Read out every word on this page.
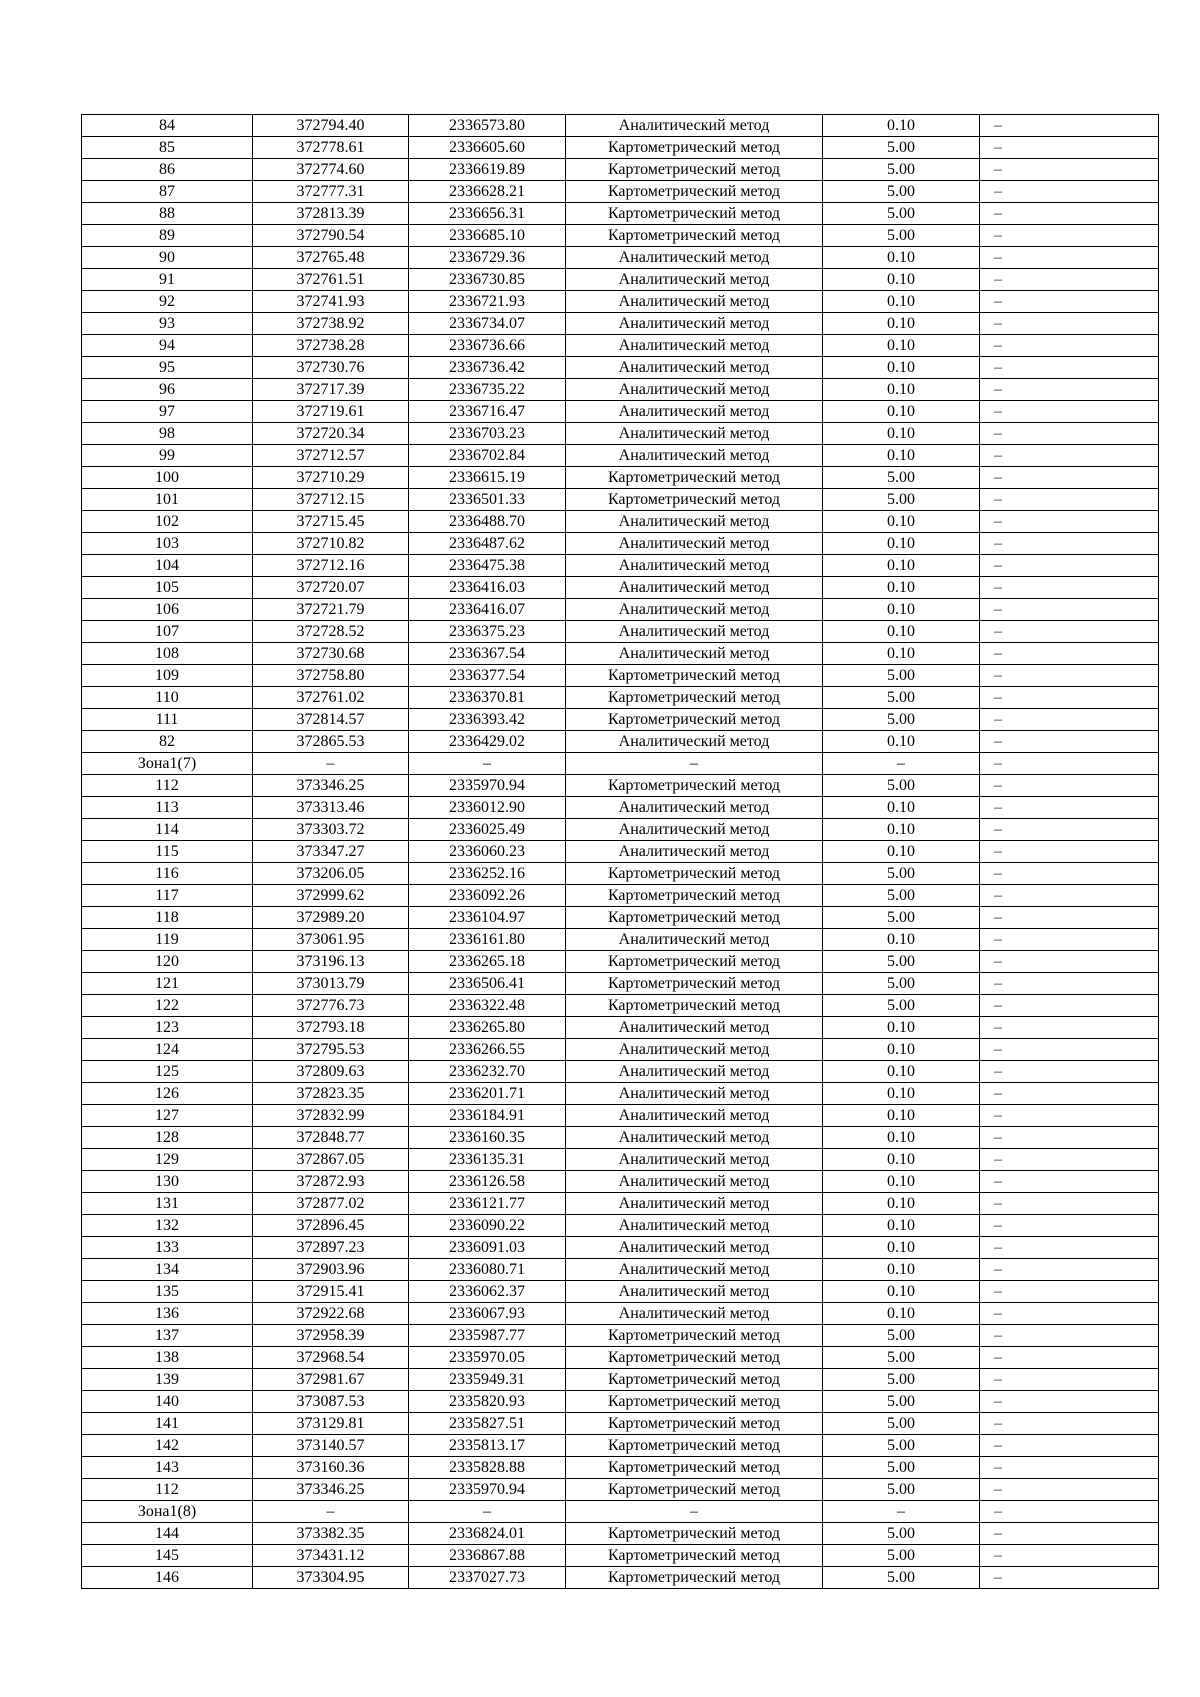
84	372794.40	2336573.80	Аналитический метод	0.10	–
85	372778.61	2336605.60	Картометрический метод	5.00	–
86	372774.60	2336619.89	Картометрический метод	5.00	–
87	372777.31	2336628.21	Картометрический метод	5.00	–
88	372813.39	2336656.31	Картометрический метод	5.00	–
89	372790.54	2336685.10	Картометрический метод	5.00	–
90	372765.48	2336729.36	Аналитический метод	0.10	–
91	372761.51	2336730.85	Аналитический метод	0.10	–
92	372741.93	2336721.93	Аналитический метод	0.10	–
93	372738.92	2336734.07	Аналитический метод	0.10	–
94	372738.28	2336736.66	Аналитический метод	0.10	–
95	372730.76	2336736.42	Аналитический метод	0.10	–
96	372717.39	2336735.22	Аналитический метод	0.10	–
97	372719.61	2336716.47	Аналитический метод	0.10	–
98	372720.34	2336703.23	Аналитический метод	0.10	–
99	372712.57	2336702.84	Аналитический метод	0.10	–
100	372710.29	2336615.19	Картометрический метод	5.00	–
101	372712.15	2336501.33	Картометрический метод	5.00	–
102	372715.45	2336488.70	Аналитический метод	0.10	–
103	372710.82	2336487.62	Аналитический метод	0.10	–
104	372712.16	2336475.38	Аналитический метод	0.10	–
105	372720.07	2336416.03	Аналитический метод	0.10	–
106	372721.79	2336416.07	Аналитический метод	0.10	–
107	372728.52	2336375.23	Аналитический метод	0.10	–
108	372730.68	2336367.54	Аналитический метод	0.10	–
109	372758.80	2336377.54	Картометрический метод	5.00	–
110	372761.02	2336370.81	Картометрический метод	5.00	–
111	372814.57	2336393.42	Картометрический метод	5.00	–
82	372865.53	2336429.02	Аналитический метод	0.10	–
Зона1(7)	–	–	–	–	–
112	373346.25	2335970.94	Картометрический метод	5.00	–
113	373313.46	2336012.90	Аналитический метод	0.10	–
114	373303.72	2336025.49	Аналитический метод	0.10	–
115	373347.27	2336060.23	Аналитический метод	0.10	–
116	373206.05	2336252.16	Картометрический метод	5.00	–
117	372999.62	2336092.26	Картометрический метод	5.00	–
118	372989.20	2336104.97	Картометрический метод	5.00	–
119	373061.95	2336161.80	Аналитический метод	0.10	–
120	373196.13	2336265.18	Картометрический метод	5.00	–
121	373013.79	2336506.41	Картометрический метод	5.00	–
122	372776.73	2336322.48	Картометрический метод	5.00	–
123	372793.18	2336265.80	Аналитический метод	0.10	–
124	372795.53	2336266.55	Аналитический метод	0.10	–
125	372809.63	2336232.70	Аналитический метод	0.10	–
126	372823.35	2336201.71	Аналитический метод	0.10	–
127	372832.99	2336184.91	Аналитический метод	0.10	–
128	372848.77	2336160.35	Аналитический метод	0.10	–
129	372867.05	2336135.31	Аналитический метод	0.10	–
130	372872.93	2336126.58	Аналитический метод	0.10	–
131	372877.02	2336121.77	Аналитический метод	0.10	–
132	372896.45	2336090.22	Аналитический метод	0.10	–
133	372897.23	2336091.03	Аналитический метод	0.10	–
134	372903.96	2336080.71	Аналитический метод	0.10	–
135	372915.41	2336062.37	Аналитический метод	0.10	–
136	372922.68	2336067.93	Аналитический метод	0.10	–
137	372958.39	2335987.77	Картометрический метод	5.00	–
138	372968.54	2335970.05	Картометрический метод	5.00	–
139	372981.67	2335949.31	Картометрический метод	5.00	–
140	373087.53	2335820.93	Картометрический метод	5.00	–
141	373129.81	2335827.51	Картометрический метод	5.00	–
142	373140.57	2335813.17	Картометрический метод	5.00	–
143	373160.36	2335828.88	Картометрический метод	5.00	–
112	373346.25	2335970.94	Картометрический метод	5.00	–
Зона1(8)	–	–	–	–	–
144	373382.35	2336824.01	Картометрический метод	5.00	–
145	373431.12	2336867.88	Картометрический метод	5.00	–
146	373304.95	2337027.73	Картометрический метод	5.00	–
